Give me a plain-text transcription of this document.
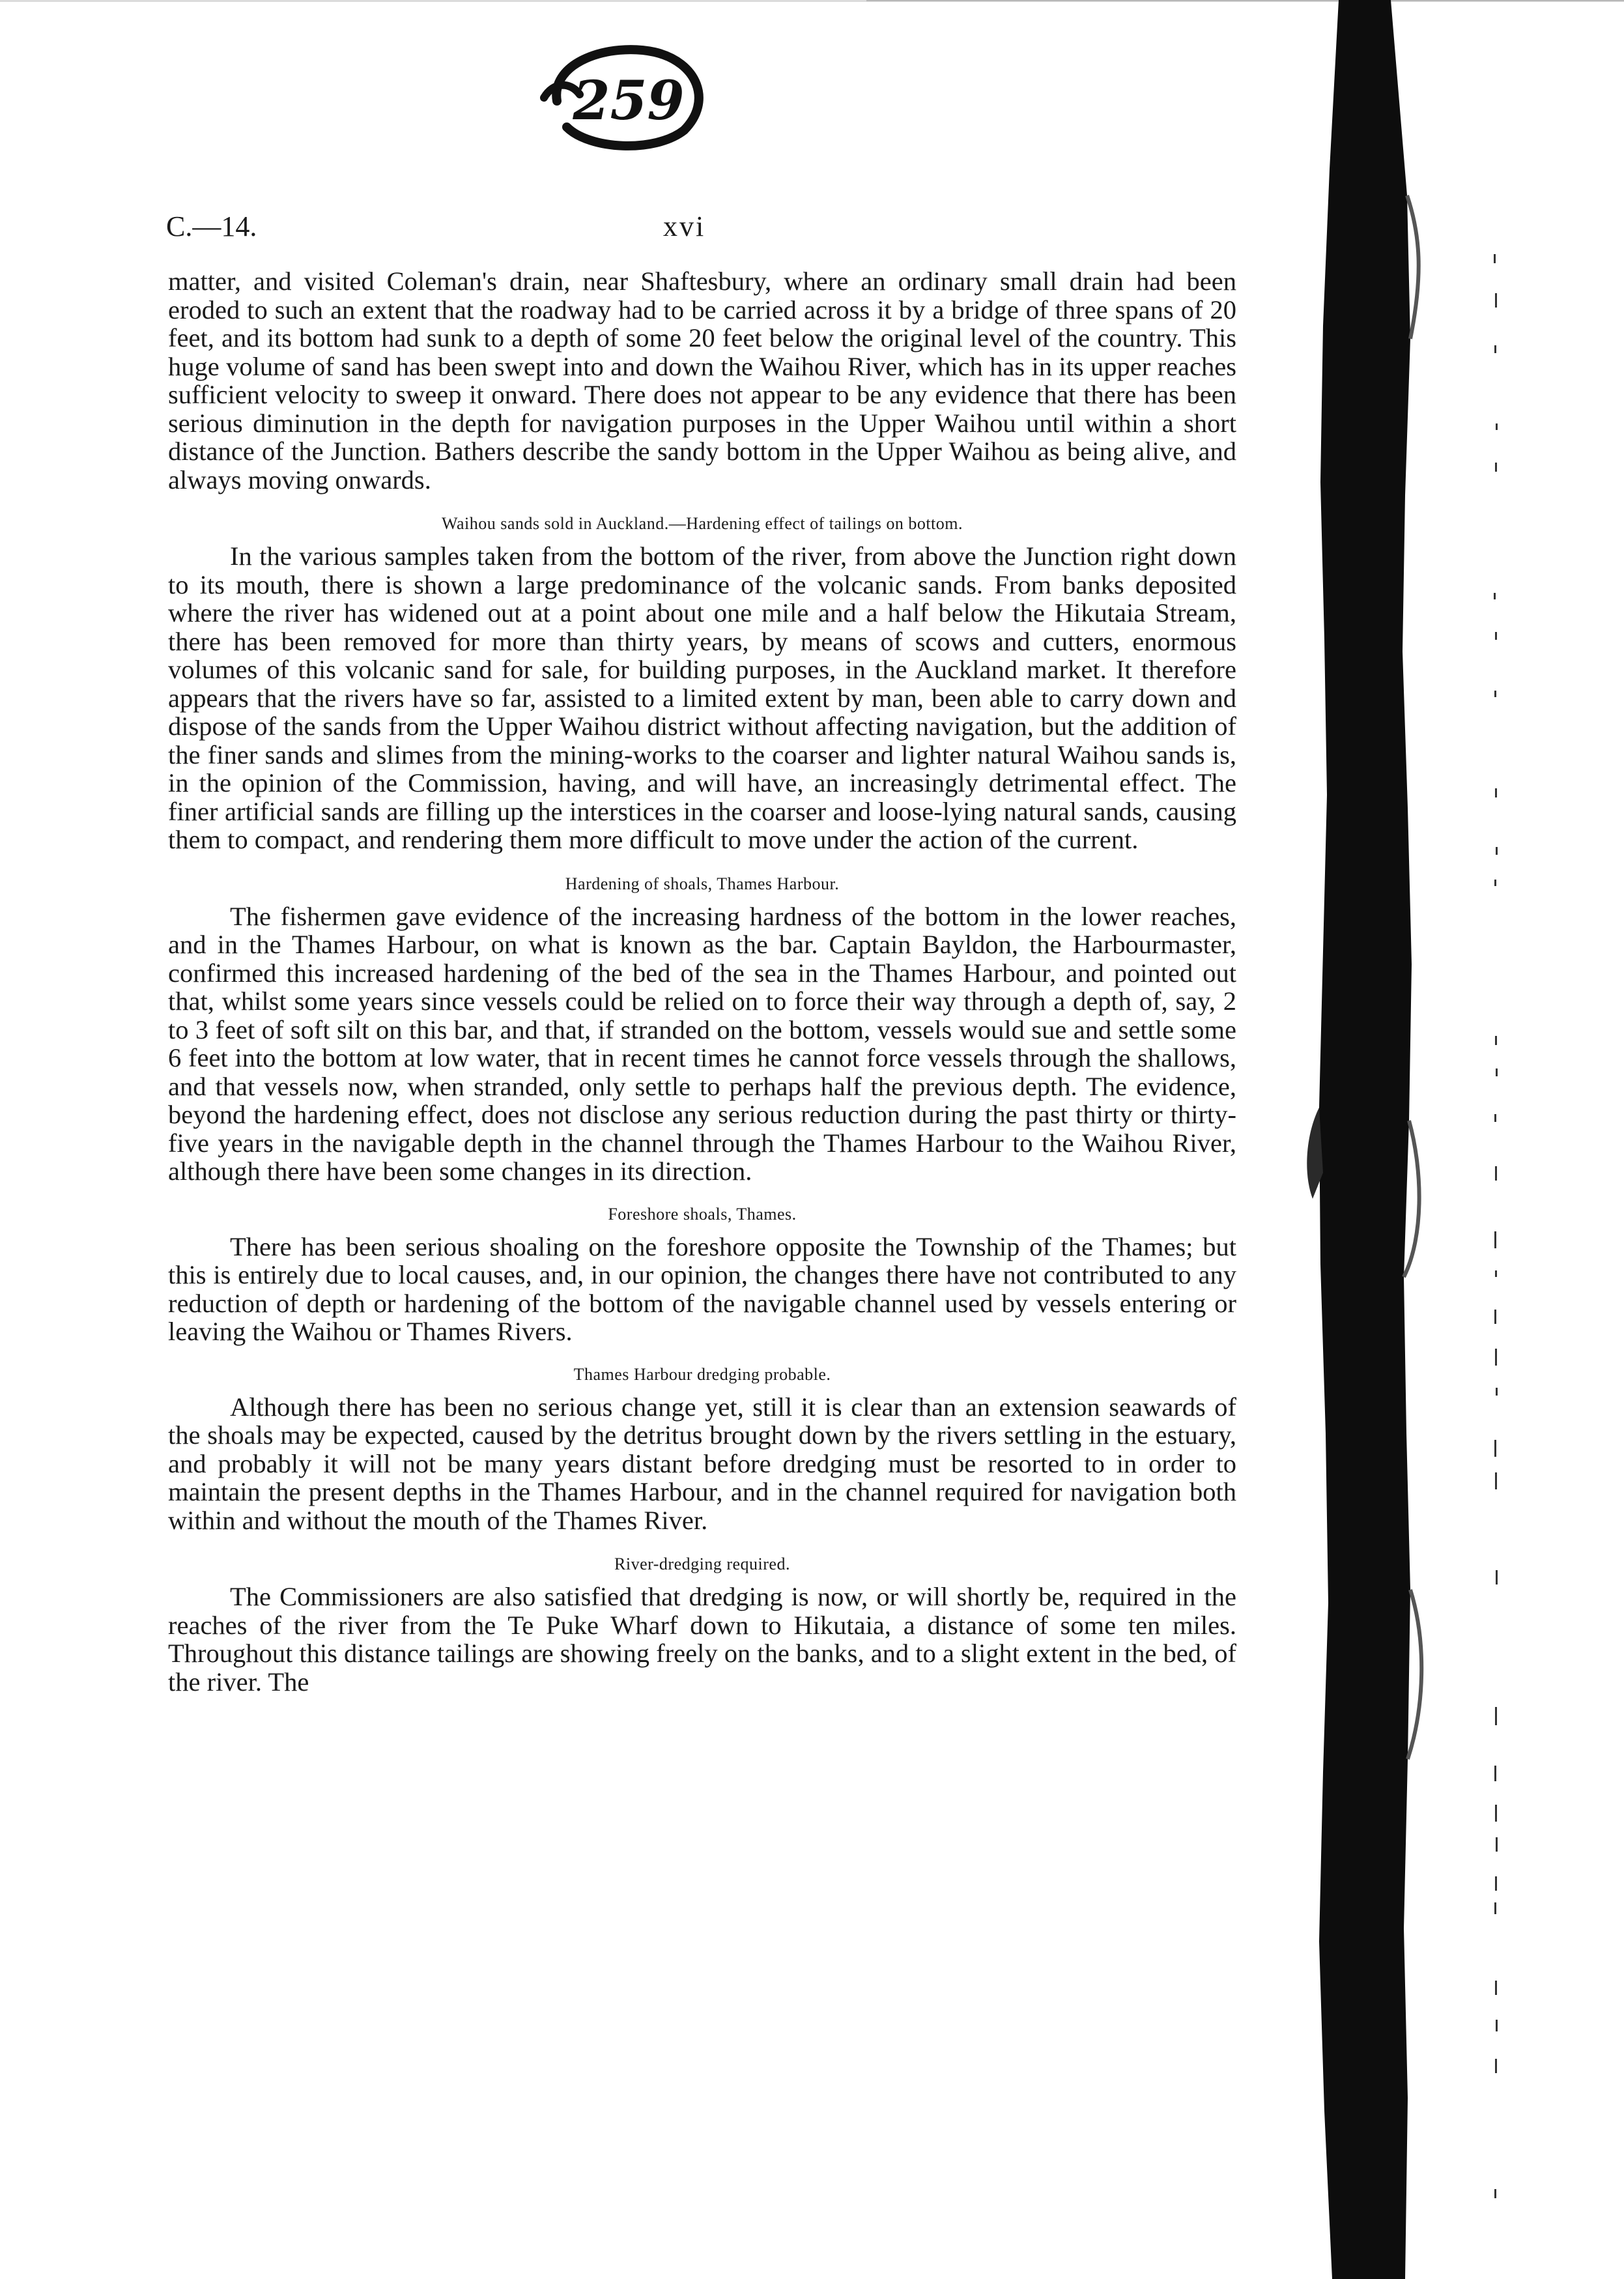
259
C.—14.	xvi

matter, and visited Coleman's drain, near Shaftesbury, where an ordinary small drain had been eroded to such an extent that the roadway had to be carried across it by a bridge of three spans of 20 feet, and its bottom had sunk to a depth of some 20 feet below the original level of the country. This huge volume of sand has been swept into and down the Waihou River, which has in its upper reaches sufficient velocity to sweep it onward. There does not appear to be any evidence that there has been serious diminution in the depth for navigation purposes in the Upper Waihou until within a short distance of the Junction. Bathers describe the sandy bottom in the Upper Waihou as being alive, and always moving onwards.

Waihou sands sold in Auckland.—Hardening effect of tailings on bottom.

In the various samples taken from the bottom of the river, from above the Junction right down to its mouth, there is shown a large predominance of the volcanic sands. From banks deposited where the river has widened out at a point about one mile and a half below the Hikutaia Stream, there has been removed for more than thirty years, by means of scows and cutters, enormous volumes of this volcanic sand for sale, for building purposes, in the Auckland market. It therefore appears that the rivers have so far, assisted to a limited extent by man, been able to carry down and dispose of the sands from the Upper Waihou district without affecting navigation, but the addition of the finer sands and slimes from the mining-works to the coarser and lighter natural Waihou sands is, in the opinion of the Commission, having, and will have, an increasingly detrimental effect. The finer artificial sands are filling up the interstices in the coarser and loose-lying natural sands, causing them to compact, and rendering them more difficult to move under the action of the current.

Hardening of shoals, Thames Harbour.

The fishermen gave evidence of the increasing hardness of the bottom in the lower reaches, and in the Thames Harbour, on what is known as the bar. Captain Bayldon, the Harbourmaster, confirmed this increased hardening of the bed of the sea in the Thames Harbour, and pointed out that, whilst some years since vessels could be relied on to force their way through a depth of, say, 2 to 3 feet of soft silt on this bar, and that, if stranded on the bottom, vessels would sue and settle some 6 feet into the bottom at low water, that in recent times he cannot force vessels through the shallows, and that vessels now, when stranded, only settle to perhaps half the previous depth. The evidence, beyond the hardening effect, does not disclose any serious reduction during the past thirty or thirty-five years in the navigable depth in the channel through the Thames Harbour to the Waihou River, although there have been some changes in its direction.

Foreshore shoals, Thames.

There has been serious shoaling on the foreshore opposite the Township of the Thames; but this is entirely due to local causes, and, in our opinion, the changes there have not contributed to any reduction of depth or hardening of the bottom of the navigable channel used by vessels entering or leaving the Waihou or Thames Rivers.

Thames Harbour dredging probable.

Although there has been no serious change yet, still it is clear than an extension seawards of the shoals may be expected, caused by the detritus brought down by the rivers settling in the estuary, and probably it will not be many years distant before dredging must be resorted to in order to maintain the present depths in the Thames Harbour, and in the channel required for navigation both within and without the mouth of the Thames River.

River-dredging required.

The Commissioners are also satisfied that dredging is now, or will shortly be, required in the reaches of the river from the Te Puke Wharf down to Hikutaia, a distance of some ten miles. Throughout this distance tailings are showing freely on the banks, and to a slight extent in the bed, of the river. The
